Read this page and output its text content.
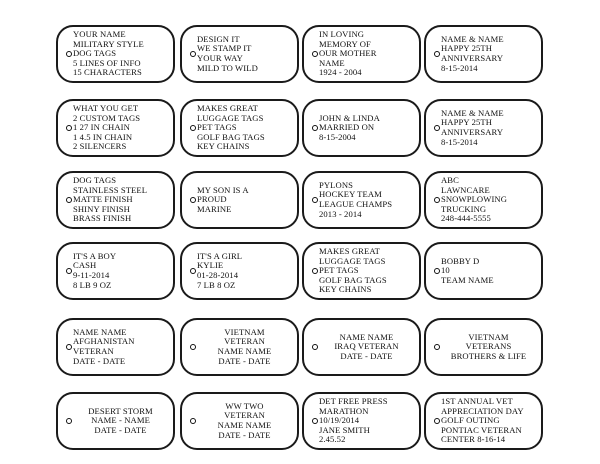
YOUR NAME
MILITARY STYLE
DOG TAGS
5 LINES OF INFO
15 CHARACTERS
DESIGN IT
WE STAMP IT
YOUR WAY
MILD TO WILD
IN LOVING
MEMORY OF
OUR MOTHER
NAME
1924 - 2004
NAME & NAME
HAPPY 25TH
ANNIVERSARY
8-15-2014
WHAT YOU GET
2 CUSTOM TAGS
1 27 IN CHAIN
1 4.5 IN CHAIN
2 SILENCERS
MAKES GREAT
LUGGAGE TAGS
PET TAGS
GOLF BAG TAGS
KEY CHAINS
JOHN & LINDA
MARRIED ON
8-15-2004
NAME & NAME
HAPPY 25TH
ANNIVERSARY
8-15-2014
DOG TAGS
STAINLESS STEEL
MATTE FINISH
SHINY FINISH
BRASS FINISH
MY SON IS A
PROUD
MARINE
PYLONS
HOCKEY TEAM
LEAGUE CHAMPS
2013 - 2014
ABC
LAWNCARE
SNOWPLOWING
TRUCKING
248-444-5555
IT'S A BOY
CASH
9-11-2014
8 LB 9 OZ
IT'S A GIRL
KYLIE
01-28-2014
7 LB 8 OZ
MAKES GREAT
LUGGAGE TAGS
PET TAGS
GOLF BAG TAGS
KEY CHAINS
BOBBY D
10
TEAM NAME
NAME NAME
AFGHANISTAN
VETERAN
DATE - DATE
VIETNAM
VETERAN
NAME NAME
DATE - DATE
NAME NAME
IRAQ VETERAN
DATE - DATE
VIETNAM
VETERANS
BROTHERS & LIFE
DESERT STORM
NAME - NAME
DATE - DATE
WW TWO
VETERAN
NAME NAME
DATE - DATE
DET FREE PRESS
MARATHON
10/19/2014
JANE SMITH
2.45.52
1ST ANNUAL VET
APPRECIATION DAY
GOLF OUTING
PONTIAC VETERAN
CENTER 8-16-14
